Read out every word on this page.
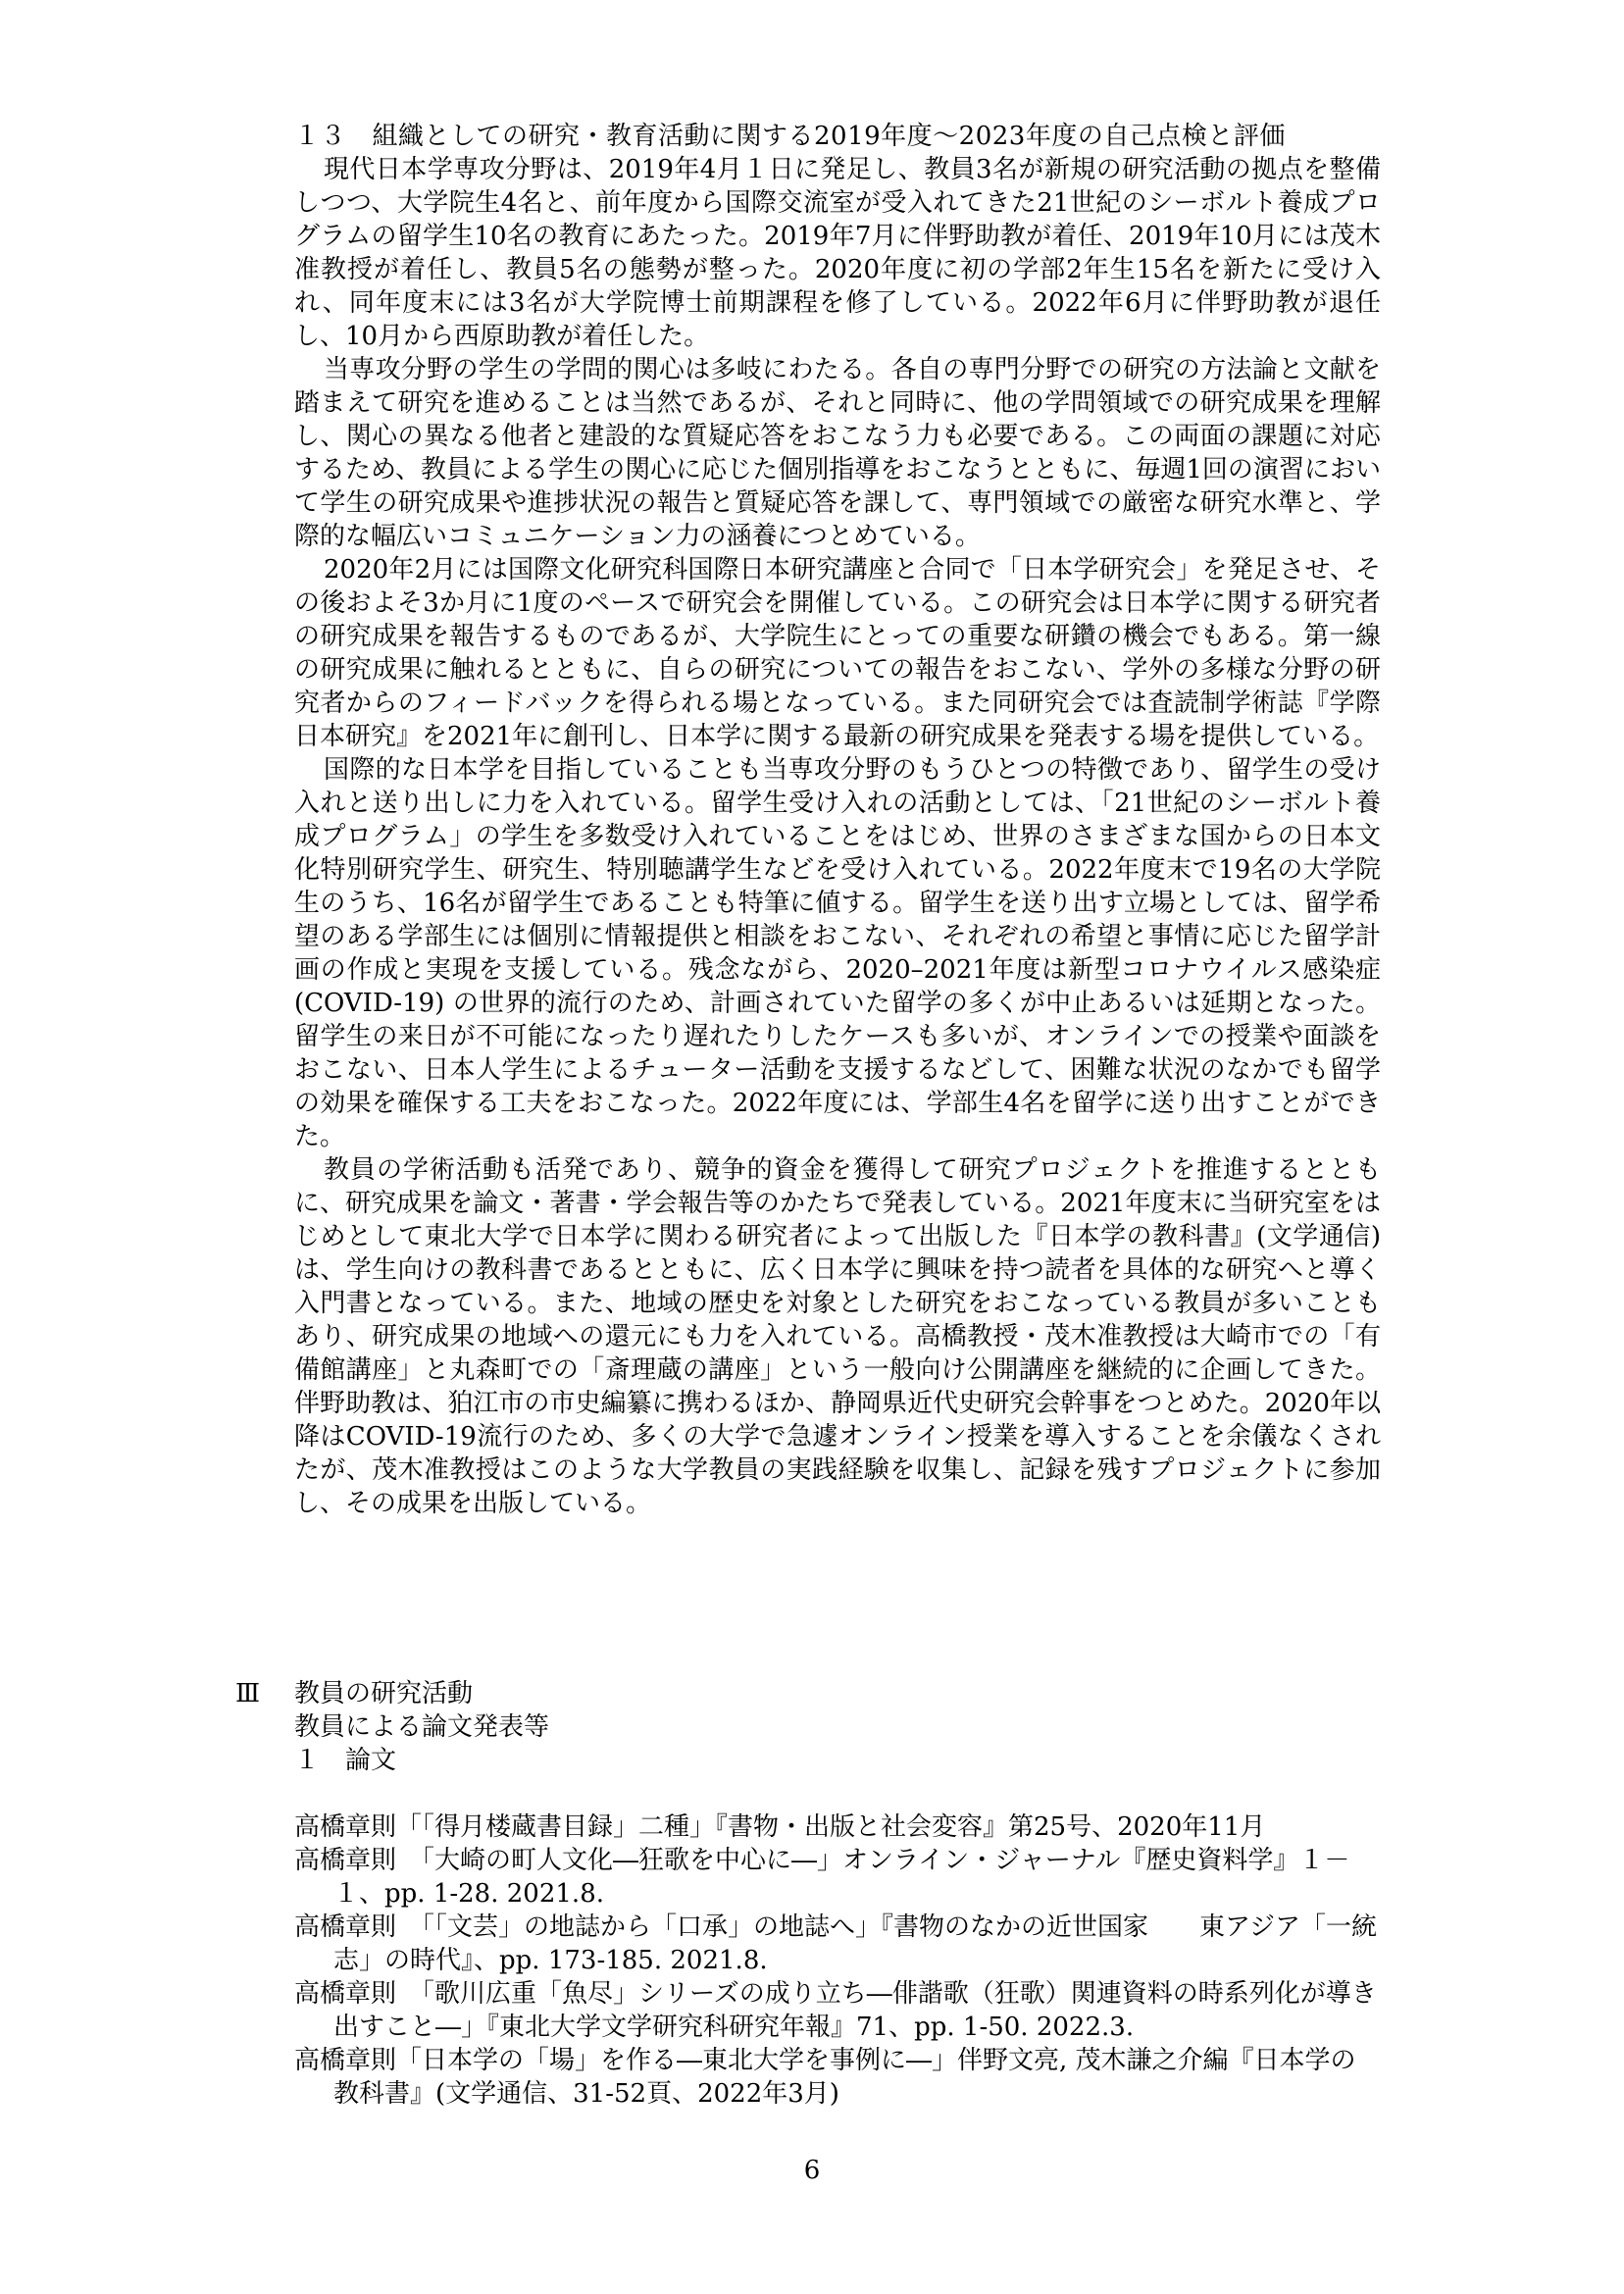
１３　組織としての研究・教育活動に関する2019年度～2023年度の自己点検と評価

現代日本学専攻分野は、2019年4月１日に発足し、教員3名が新規の研究活動の拠点を整備しつつ、大学院生4名と、前年度から国際交流室が受入れてきた21世紀のシーボルト養成プログラムの留学生10名の教育にあたった。2019年7月に伴野助教が着任、2019年10月には茂木准教授が着任し、教員5名の態勢が整った。2020年度に初の学部2年生15名を新たに受け入れ、同年度末には3名が大学院博士前期課程を修了している。2022年6月に伴野助教が退任し、10月から西原助教が着任した。

当専攻分野の学生の学問的関心は多岐にわたる。各自の専門分野での研究の方法論と文献を踏まえて研究を進めることは当然であるが、それと同時に、他の学問領域での研究成果を理解し、関心の異なる他者と建設的な質疑応答をおこなう力も必要である。この両面の課題に対応するため、教員による学生の関心に応じた個別指導をおこなうとともに、毎週1回の演習において学生の研究成果や進捗状況の報告と質疑応答を課して、専門領域での厳密な研究水準と、学際的な幅広いコミュニケーション力の涵養につとめている。

2020年2月には国際文化研究科国際日本研究講座と合同で「日本学研究会」を発足させ、その後およそ3か月に1度のペースで研究会を開催している。この研究会は日本学に関する研究者の研究成果を報告するものであるが、大学院生にとっての重要な研鑽の機会でもある。第一線の研究成果に触れるとともに、自らの研究についての報告をおこない、学外の多様な分野の研究者からのフィードバックを得られる場となっている。また同研究会では査読制学術誌『学際日本研究』を2021年に創刊し、日本学に関する最新の研究成果を発表する場を提供している。

国際的な日本学を目指していることも当専攻分野のもうひとつの特徴であり、留学生の受け入れと送り出しに力を入れている。留学生受け入れの活動としては、「21世紀のシーボルト養成プログラム」の学生を多数受け入れていることをはじめ、世界のさまざまな国からの日本文化特別研究学生、研究生、特別聴講学生などを受け入れている。2022年度末で19名の大学院生のうち、16名が留学生であることも特筆に値する。留学生を送り出す立場としては、留学希望のある学部生には個別に情報提供と相談をおこない、それぞれの希望と事情に応じた留学計画の作成と実現を支援している。残念ながら、2020–2021年度は新型コロナウイルス感染症 (COVID-19) の世界的流行のため、計画されていた留学の多くが中止あるいは延期となった。留学生の来日が不可能になったり遅れたりしたケースも多いが、オンラインでの授業や面談をおこない、日本人学生によるチューター活動を支援するなどして、困難な状況のなかでも留学の効果を確保する工夫をおこなった。2022年度には、学部生4名を留学に送り出すことができた。

教員の学術活動も活発であり、競争的資金を獲得して研究プロジェクトを推進するとともに、研究成果を論文・著書・学会報告等のかたちで発表している。2021年度末に当研究室をはじめとして東北大学で日本学に関わる研究者によって出版した『日本学の教科書』(文学通信)は、学生向けの教科書であるとともに、広く日本学に興味を持つ読者を具体的な研究へと導く入門書となっている。また、地域の歴史を対象とした研究をおこなっている教員が多いこともあり、研究成果の地域への還元にも力を入れている。高橋教授・茂木准教授は大崎市での「有備館講座」と丸森町での「斎理蔵の講座」という一般向け公開講座を継続的に企画してきた。伴野助教は、狛江市の市史編纂に携わるほか、静岡県近代史研究会幹事をつとめた。2020年以降はCOVID-19流行のため、多くの大学で急遽オンライン授業を導入することを余儀なくされたが、茂木准教授はこのような大学教員の実践経験を収集し、記録を残すプロジェクトに参加し、その成果を出版している。

Ⅲ 教員の研究活動
教員による論文発表等
１　論文

高橋章則「「得月楼蔵書目録」二種」『書物・出版と社会変容』第25号、2020年11月

高橋章則　「大崎の町人文化―狂歌を中心に―」オンライン・ジャーナル『歴史資料学』１－１、pp. 1-28. 2021.8.

高橋章則　「「文芸」の地誌から「口承」の地誌へ」『書物のなかの近世国家　　東アジア「一統志」の時代』、pp. 173-185. 2021.8.

高橋章則　「歌川広重「魚尽」シリーズの成り立ち―俳諧歌（狂歌）関連資料の時系列化が導き出すこと―」『東北大学文学研究科研究年報』71、pp. 1-50. 2022.3.

高橋章則「日本学の「場」を作る―東北大学を事例に―」伴野文亮, 茂木謙之介編『日本学の教科書』(文学通信、31-52頁、2022年3月)

6
